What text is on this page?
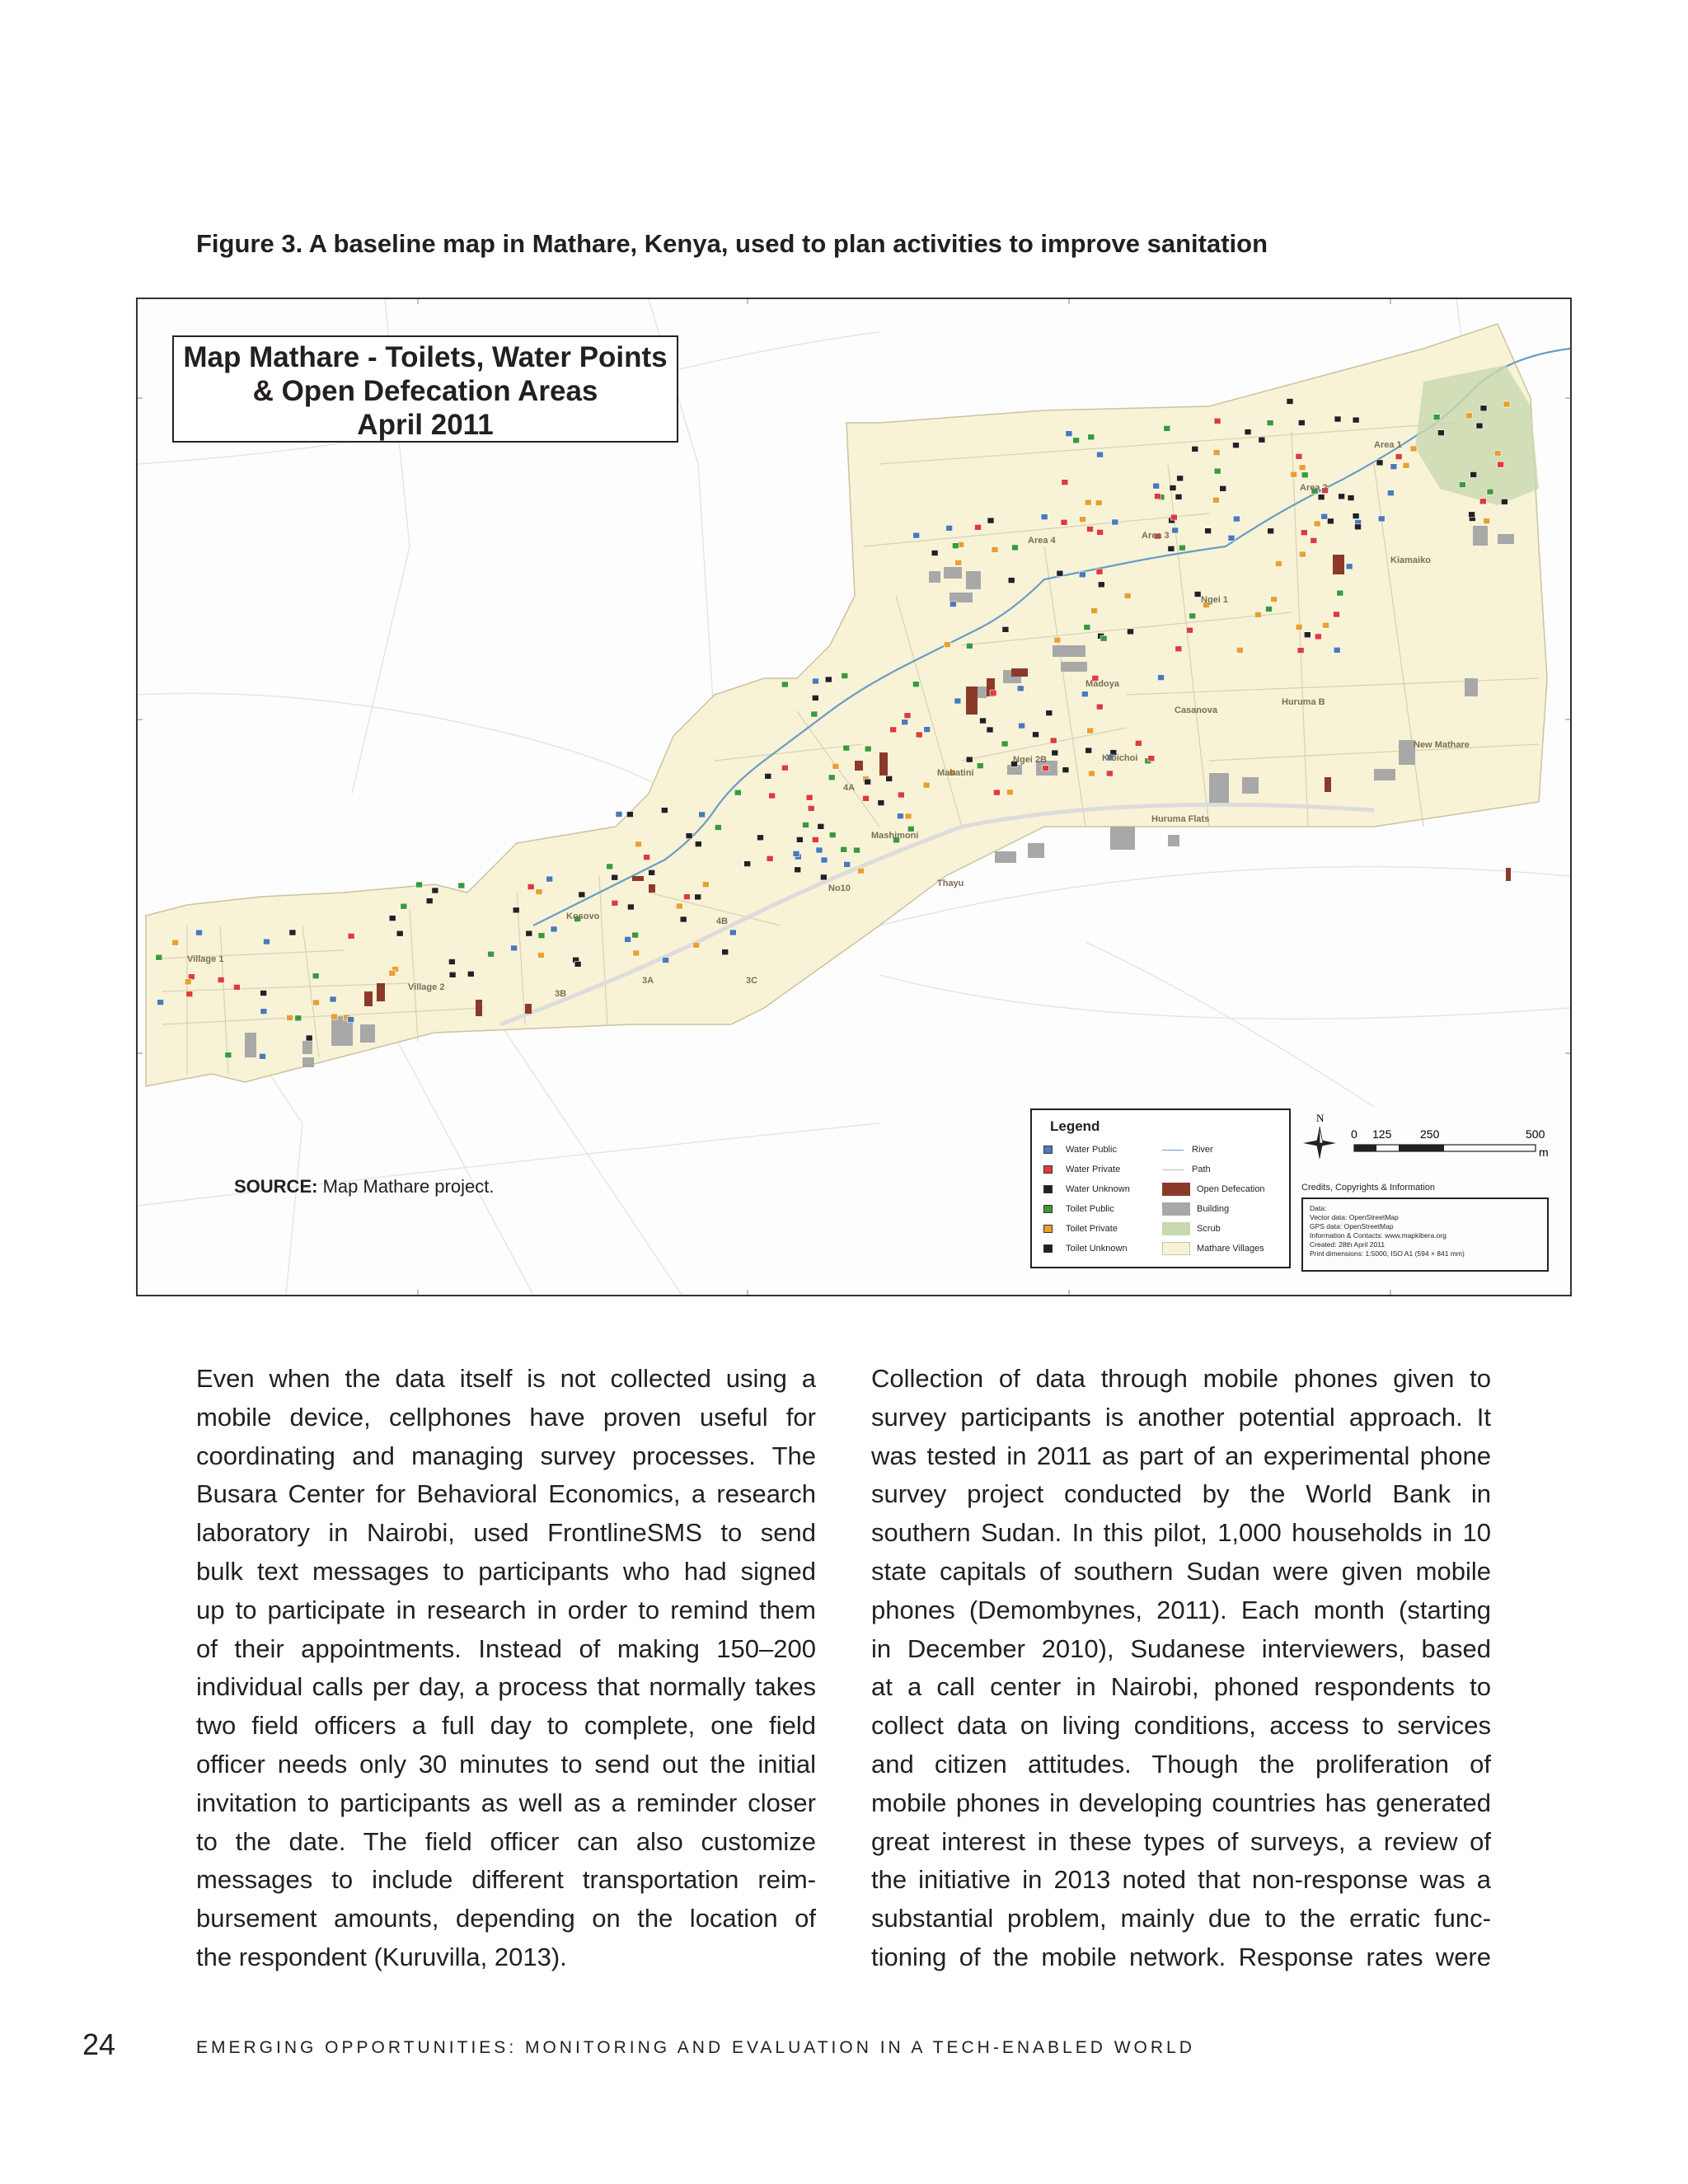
Figure 3. A baseline map in Mathare, Kenya, used to plan activities to improve sanitation
Area 1
Area 2
Area 3
Area 4
Kiamaiko
Ngei 1
Madoya
Casanova
Huruma B
New Mathare
Kibichoi
Ngei 2B
Mabatini
4A
Mashimoni
No10	Thayu
Huruma Flats
Kosovo	4B
Village 1
Village 2
3B
3A	3C
Map Mathare - Toilets, Water Points
& Open Defecation Areas
April 2011
Legend
Water Public
Water Private
Water Unknown
Toilet Public
Toilet Private
Toilet Unknown
River
Path
Open Defecation
Building
Scrub
Mathare Villages
N
0 125 250	500
m
Credits, Copyrights & Information
Data:
Vector data: OpenStreetMap
GPS data: OpenStreetMap
Information & Contacts: www.mapkibera.org
Created: 28th April 2011
Print dimensions: 1:5000, ISO A1 (594 × 841 mm)
SOURCE: Map Mathare project.
Even when the data itself is not collected using a
mobile device, cellphones have proven useful for
coordinating and managing survey processes. The
Busara Center for Behavioral Economics, a research
laboratory in Nairobi, used FrontlineSMS to send
bulk text messages to participants who had signed
up to participate in research in order to remind them
of their appointments. Instead of making 150–200
individual calls per day, a process that normally takes
two field officers a full day to complete, one field
officer needs only 30 minutes to send out the initial
invitation to participants as well as a reminder closer
to the date. The field officer can also customize
messages to include different transportation reim-
bursement amounts, depending on the location of
the respondent (Kuruvilla, 2013).
Collection of data through mobile phones given to
survey participants is another potential approach. It
was tested in 2011 as part of an experimental phone
survey project conducted by the World Bank in
southern Sudan. In this pilot, 1,000 households in 10
state capitals of southern Sudan were given mobile
phones (Demombynes, 2011). Each month (starting
in December 2010), Sudanese interviewers, based
at a call center in Nairobi, phoned respondents to
collect data on living conditions, access to services
and citizen attitudes. Though the proliferation of
mobile phones in developing countries has generated
great interest in these types of surveys, a review of
the initiative in 2013 noted that non-response was a
substantial problem, mainly due to the erratic func-
tioning of the mobile network. Response rates were
24	EMERGING OPPORTUNITIES: MONITORING AND EVALUATION IN A TECH-ENABLED WORLD
